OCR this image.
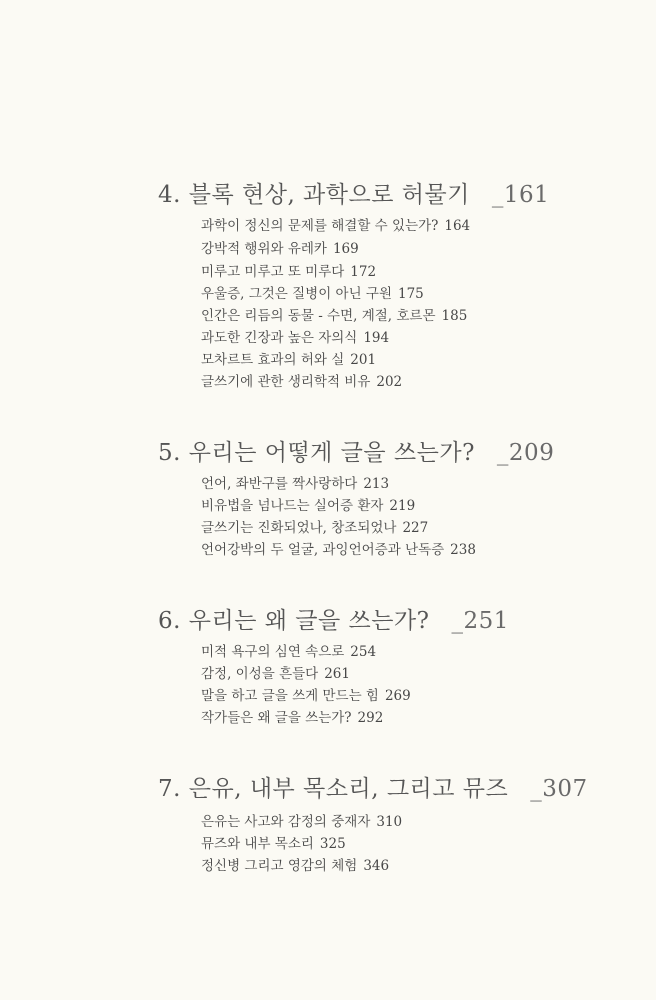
4. 블록 현상, 과학으로 허물기 _161
과학이 정신의 문제를 해결할 수 있는가? 164
강박적 행위와 유레카 169
미루고 미루고 또 미루다 172
우울증, 그것은 질병이 아닌 구원 175
인간은 리듬의 동물 - 수면, 계절, 호르몬 185
과도한 긴장과 높은 자의식 194
모차르트 효과의 허와 실 201
글쓰기에 관한 생리학적 비유 202
5. 우리는 어떻게 글을 쓰는가? _209
언어, 좌반구를 짝사랑하다 213
비유법을 넘나드는 실어증 환자 219
글쓰기는 진화되었나, 창조되었나 227
언어강박의 두 얼굴, 과잉언어증과 난독증 238
6. 우리는 왜 글을 쓰는가? _251
미적 욕구의 심연 속으로 254
감정, 이성을 흔들다 261
말을 하고 글을 쓰게 만드는 힘 269
작가들은 왜 글을 쓰는가? 292
7. 은유, 내부 목소리, 그리고 뮤즈 _307
은유는 사고와 감정의 중재자 310
뮤즈와 내부 목소리 325
정신병 그리고 영감의 체험 346
